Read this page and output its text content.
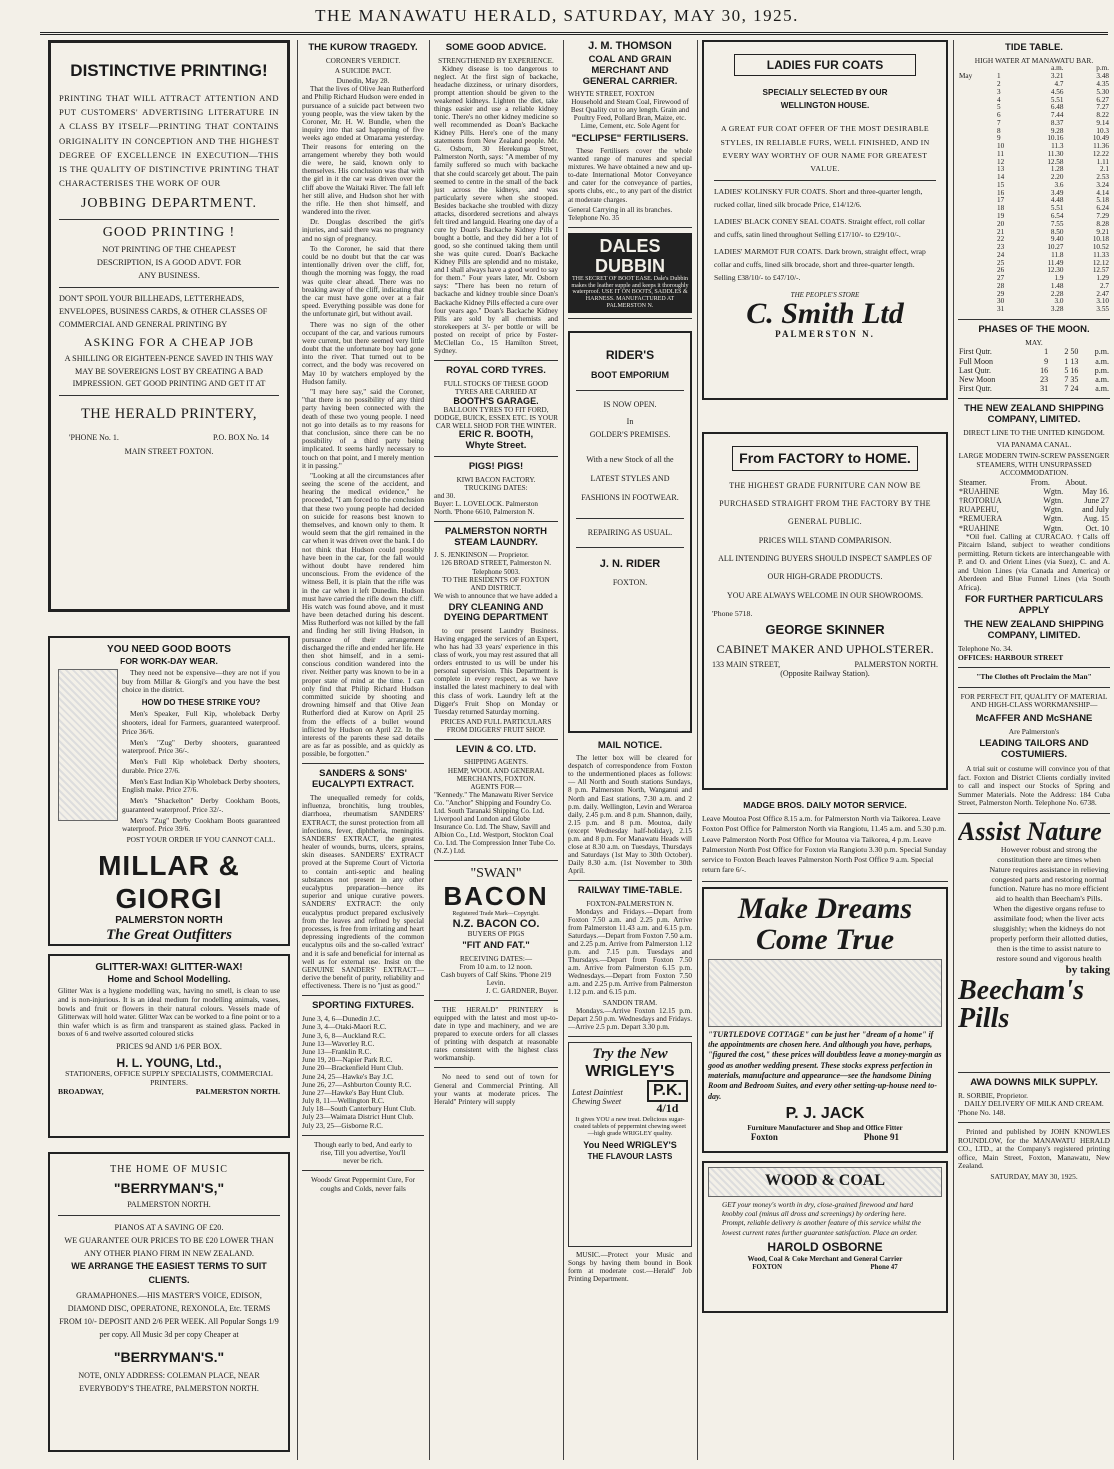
THE MANAWATU HERALD, SATURDAY, MAY 30, 1925.
DISTINCTIVE PRINTING!
PRINTING THAT WILL ATTRACT ATTENTION AND PUT CUSTOMERS' ADVERTISING LITERATURE IN A CLASS BY ITSELF—PRINTING THAT CONTAINS ORIGINALITY IN CONCEPTION AND THE HIGHEST DEGREE OF EXCELLENCE IN EXECUTION—THIS IS THE QUALITY OF DISTINCTIVE PRINTING THAT CHARACTERISES THE WORK OF OUR
JOBBING DEPARTMENT.
GOOD PRINTING !
NOT PRINTING OF THE CHEAPEST DESCRIPTION, IS A GOOD ADVT. FOR ANY BUSINESS.
DON'T SPOIL YOUR BILLHEADS, LETTERHEADS, ENVELOPES, BUSINESS CARDS, & OTHER CLASSES OF COMMERCIAL AND GENERAL PRINTING BY
ASKING FOR A CHEAP JOB
A SHILLING OR EIGHTEEN-PENCE SAVED IN THIS WAY MAY BE SOVEREIGNS LOST BY CREATING A BAD IMPRESSION. GET GOOD PRINTING AND GET IT AT
THE HERALD PRINTERY,
'PHONE No. 1.	P.O. BOX No. 14
MAIN STREET FOXTON.
YOU NEED GOOD BOOTS
FOR WORK-DAY WEAR.

They need not be expensive—they are not if you buy from Millar & Giorgi's and you have the best choice in the district.

HOW DO THESE STRIKE YOU?

Men's Speaker, Full Kip, wholeback Derby shooters, ideal for Farmers, guaranteed waterproof. Price 36/6.

Men's "Zug" Derby shooters, guaranteed waterproof. Price 36/-.

Men's Full Kip wholeback Derby shooters, durable. Price 27/6.

Men's East Indian Kip Wholeback Derby shooters, English make. Price 27/6.

Men's "Shackelton" Derby Cookham Boots, guaranteed waterproof. Price 32/-.

Men's "Zug" Derby Cookham Boots guaranteed waterproof. Price 39/6.

POST YOUR ORDER IF YOU CANNOT CALL.
MILLAR & GIORGI
PALMERSTON NORTH
The Great Outfitters
GLITTER-WAX! GLITTER-WAX!
Home and School Modelling.
Glitter Wax is a hygiene modelling wax, having no smell, is clean to use and is non-injurious. It is an ideal medium for modelling animals, vases, bowls and fruit or flowers in their natural colours. Vessels made of Glitterwax will hold water. Glitter Wax can be worked to a fine point or to a thin wafer which is as firm and transparent as stained glass. Packed in boxes of 6 and twelve assorted coloured sticks
PRICES 9d AND 1/6 PER BOX.
H. L. YOUNG, Ltd.,
STATIONERS, OFFICE SUPPLY SPECIALISTS, COMMERCIAL PRINTERS.
BROADWAY,	PALMERSTON NORTH.
THE HOME OF MUSIC
"BERRYMAN'S,"
PALMERSTON NORTH.
PIANOS AT A SAVING OF £20.
WE GUARANTEE OUR PRICES TO BE £20 LOWER THAN ANY OTHER PIANO FIRM IN NEW ZEALAND.
WE ARRANGE THE EASIEST TERMS TO SUIT CLIENTS.
GRAMAPHONES.—HIS MASTER'S VOICE, EDISON, DIAMOND DISC, OPERATONE, REXONOLA, Etc. TERMS FROM 10/- DEPOSIT AND 2/6 PER WEEK. All Popular Songs 1/9 per copy. All Music 3d per copy Cheaper at
"BERRYMAN'S."
NOTE, ONLY ADDRESS: COLEMAN PLACE, NEAR EVERYBODY'S THEATRE, PALMERSTON NORTH.
THE KUROW TRAGEDY.
CORONER'S VERDICT.
A SUICIDE PACT.
Dunedin, May 28.

That the lives of Olive Jean Rutherford and Philip Richard Hudson were ended in pursuance of a suicide pact between two young people, was the view taken by the Coroner, Mr. H. W. Bundle, when the inquiry into that sad happening of five weeks ago ended at Omarama yesterday. Their reasons for entering on the arrangement whereby they both would die were, he said, known only to themselves. His conclusion was that with the girl in it the car was driven over the cliff above the Waitaki River. The fall left her still alive, and Hudson shot her with the rifle. He then shot himself, and wandered into the river.

Dr. Douglas described the girl's injuries, and said there was no pregnancy and no sign of pregnancy.

To the Coroner, he said that there could be no doubt but that the car was intentionally driven over the cliff, for, though the morning was foggy, the road was quite clear ahead. There was no breaking away of the cliff, indicating that the car must have gone over at a fair speed. Everything possible was done for the unfortunate girl, but without avail.

There was no sign of the other occupant of the car, and various rumours were current, but there seemed very little doubt that the unfortunate boy had gone into the river. That turned out to be correct, and the body was recovered on May 10 by watchers employed by the Hudson family.

"I may here say," said the Coroner, "that there is no possibility of any third party having been connected with the death of these two young people. I need not go into details as to my reasons for that conclusion, since there can be no possibility of a third party being implicated. It seems hardly necessary to touch on that point, and I merely mention it in passing."

"Looking at all the circumstances after seeing the scene of the accident, and hearing the medical evidence," he proceeded, "I am forced to the conclusion that these two young people had decided on suicide for reasons best known to themselves, and known only to them. It would seem that the girl remained in the car when it was driven over the bank. I do not think that Hudson could possibly have been in the car, for the fall would without doubt have rendered him unconscious. From the evidence of the witness Bell, it is plain that the rifle was in the car when it left Dunedin. Hudson must have carried the rifle down the cliff. His watch was found above, and it must have been detached during his descent. Miss Rutherford was not killed by the fall and finding her still living Hudson, in pursuance of their arrangement discharged the rifle and ended her life. He then shot himself, and in a semi-conscious condition wandered into the river. Neither party was known to be in a proper state of mind at the time. I can only find that Philip Richard Hudson committed suicide by shooting and drowning himself and that Olive Jean Rutherford died at Kurow on April 25 from the effects of a bullet wound inflicted by Hudson on April 22. In the interests of the parents these sad details are as far as possible, and as quickly as possible, be forgotten."

SANDERS & SONS' EUCALYPTI EXTRACT.

The unequalled remedy for colds, influenza, bronchitis, lung troubles, diarrhoea, rheumatism SANDERS' EXTRACT, the surest protection from all infections, fever, diphtheria, meningitis. SANDERS' EXTRACT, the greatest healer of wounds, burns, ulcers, sprains, skin diseases. SANDERS' EXTRACT proved at the Supreme Court of Victoria to contain anti-septic and healing substances not present in any other eucalyptus preparation—hence its superior and unique curative powers. SANDERS' EXTRACT: the only eucalyptus product prepared exclusively from the leaves and refined by special processes, is free from irritating and heart depressing ingredients of the common eucalyptus oils and the so-called 'extract' and it is safe and beneficial for internal as well as for external use. Insist on the GENUINE SANDERS' EXTRACT—derive the benefit of purity, reliability and effectiveness. There is no "just as good."

SPORTING FIXTURES.
June 3, 4, 6—Dunedin J.C.
June 3, 4—Otaki-Maori R.C.
June 3, 6, 8—Auckland R.C.
June 13—Waverley R.C.
June 13—Franklin R.C.
June 19, 20—Napier Park R.C.
June 20—Brackenfield Hunt Club.
June 24, 25—Hawke's Bay J.C.
June 26, 27—Ashburton County R.C.
June 27—Hawke's Bay Hunt Club.
July 8, 11—Wellington R.C.
July 18—South Canterbury Hunt Club.
July 23—Waimata District Hunt Club.
July 23, 25—Gisborne R.C.
Though early to bed, And early to rise, Till you advertise, You'll never be rich.
Woods' Great Peppermint Cure, For coughs and Colds, never fails
SOME GOOD ADVICE.
STRENGTHENED BY EXPERIENCE.

Kidney disease is too dangerous to neglect. At the first sign of backache, headache dizziness, or urinary disorders, prompt attention should be given to the weakened kidneys. Lighten the diet, take things easier and use a reliable kidney tonic. There's no other kidney medicine so well recommended as Doan's Backache Kidney Pills. Here's one of the many statements from New Zealand people. Mr. G. Osborn, 30 Herekunga Street, Palmerston North, says: "A member of my family suffered so much with backache that she could scarcely get about. The pain seemed to centre in the small of the back just across the kidneys, and was particularly severe when she stooped. Besides backache she troubled with dizzy attacks, disordered secretions and always felt tired and languid. Hearing one day of a cure by Doan's Backache Kidney Pills I bought a bottle, and they did her a lot of good, so she continued taking them until she was quite cured. Doan's Backache Kidney Pills are splendid and no mistake, and I shall always have a good word to say for them." Four years later, Mr. Osborn says: "There has been no return of backache and kidney trouble since Doan's Backache Kidney Pills effected a cure over four years ago." Doan's Backache Kidney Pills are sold by all chemists and storekeepers at 3/- per bottle or will be posted on receipt of price by Foster-McClellan Co., 15 Hamilton Street, Sydney.

ROYAL CORD TYRES.
FULL STOCKS OF THESE GOOD TYRES ARE CARRIED AT
BOOTH'S GARAGE.
BALLOON TYRES TO FIT FORD, DODGE, BUICK, ESSEX ETC. IS YOUR CAR WELL SHOD FOR THE WINTER.
ERIC R. BOOTH,
Whyte Street.
PIGS! PIGS!
KIWI BACON FACTORY.
TRUCKING DATES:
and 30.
Buyer: L. LOVELOCK. Palmerston North. 'Phone 6610, Palmerston N.
PALMERSTON NORTH STEAM LAUNDRY.
J. S. JENKINSON — Proprietor.
126 BROAD STREET, Palmerston N. Telephone 5003.
TO THE RESIDENTS OF FOXTON AND DISTRICT.
We wish to announce that we have added a
DRY CLEANING AND DYEING DEPARTMENT

to our present Laundry Business. Having engaged the services of an Expert, who has had 33 years' experience in this class of work, you may rest assured that all orders entrusted to us will be under his personal supervision. This Department is complete in every respect, as we have installed the latest machinery to deal with this class of work. Laundry left at the Digger's Fruit Shop on Monday or Tuesday returned Saturday morning.

PRICES AND FULL PARTICULARS FROM DIGGERS' FRUIT SHOP.
LEVIN & CO. LTD.
SHIPPING AGENTS.
HEMP, WOOL AND GENERAL MERCHANTS, FOXTON.
AGENTS FOR—
"Kennedy." The Manawatu River Service Co. "Anchor" Shipping and Foundry Co. Ltd. South Taranaki Shipping Co. Ltd. Liverpool and London and Globe Insurance Co. Ltd. The Shaw, Savill and Albion Co., Ltd. Westport, Stockton Coal Co. Ltd. The Compression Inner Tube Co. (N.Z.) Ltd.
"SWAN"
BACON
Registered Trade Mark—Copyright.
N.Z. BACON CO.
BUYERS OF PIGS
"FIT AND FAT."
RECEIVING DATES:—
From 10 a.m. to 12 noon.
Cash buyers of Calf Skins. 'Phone 219 Levin.
J. C. GARDNER, Buyer.

THE HERALD" PRINTERY is equipped with the latest and most up-to-date in type and machinery, and we are prepared to execute orders for all classes of printing with despatch at reasonable rates consistent with the highest class workmanship.

No need to send out of town for General and Commercial Printing. All your wants at moderate prices. The Herald" Printery will supply

J. M. THOMSON
COAL AND GRAIN MERCHANT AND GENERAL CARRIER.
WHYTE STREET, FOXTON
Household and Steam Coal, Firewood of Best Quality cut to any length. Grain and Poultry Feed, Pollard Bran, Maize, etc. Lime, Cement, etc. Sole Agent for
"ECLIPSE" FERTILISERS.

These Fertilisers cover the whole wanted range of manures and special mixtures. We have obtained a new and up-to-date International Motor Conveyance and cater for the conveyance of parties, sports clubs, etc., to any part of the district at moderate charges.

General Carrying in all its branches. Telephone No. 35
DALES DUBBIN
THE SECRET OF BOOT EASE. Dale's Dubbin makes the leather supple and keeps it thoroughly waterproof. USE IT ON BOOTS, SADDLES & HARNESS. MANUFACTURED AT PALMERSTON N.
RIDER'S
BOOT EMPORIUM
IS NOW OPEN.
In
GOLDER'S PREMISES.
With a new Stock of all the LATEST STYLES AND FASHIONS IN FOOTWEAR.
REPAIRING AS USUAL.
J. N. RIDER
FOXTON.
MAIL NOTICE.

The letter box will be cleared for despatch of correspondence from Foxton to the undermentioned places as follows:— All North and South stations Sundays, 8 p.m. Palmerston North, Wanganui and North and East stations, 7.30 a.m. and 2 p.m. daily. Wellington, Levin and Weraroa daily, 2.45 p.m. and 8 p.m. Shannon, daily, 2.15 p.m. and 8 p.m. Moutoa, daily (except Wednesday half-holiday), 2.15 p.m. and 8 p.m. For Manawatu Heads will close at 8.30 a.m. on Tuesdays, Thursdays and Saturdays (1st May to 30th October). Daily 8.30 a.m. (1st November to 30th April.

RAILWAY TIME-TABLE.
FOXTON-PALMERSTON N.

Mondays and Fridays.—Depart from Foxton 7.50 a.m. and 2.25 p.m. Arrive from Palmerston 11.43 a.m. and 6.15 p.m. Saturdays.—Depart from Foxton 7.50 a.m. and 2.25 p.m. Arrive from Palmerston 1.12 p.m. and 7.15 p.m. Tuesdays and Thursdays.—Depart from Foxton 7.50 a.m. Arrive from Palmerston 6.15 p.m. Wednesdays.—Depart from Foxton 7.50 a.m. and 2.25 p.m. Arrive from Palmerston 1.12 p.m. and 6.15 p.m.

SANDON TRAM.

Mondays.—Arrive Foxton 12.15 p.m. Depart 2.50 p.m. Wednesdays and Fridays.—Arrive 2.5 p.m. Depart 3.30 p.m.

Try the New
WRIGLEY'S
Latest Daintiest Chewing Sweet
P.K.
4/1d
It gives YOU a new treat. Delicious sugar-coated tablets of peppermint chewing sweet—high grade WRIGLEY quality.
You Need WRIGLEY'S
THE FLAVOUR LASTS

MUSIC.—Protect your Music and Songs by having them bound in Book form at moderate cost.—Herald" Job Printing Department.

LADIES FUR COATS
SPECIALLY SELECTED BY OUR WELLINGTON HOUSE.
A GREAT FUR COAT OFFER OF THE MOST DESIRABLE STYLES, IN RELIABLE FURS, WELL FINISHED, AND IN EVERY WAY WORTHY OF OUR NAME FOR GREATEST VALUE.
LADIES' KOLINSKY FUR COATS. Short and three-quarter length, rucked collar, lined silk brocade Price, £14/12/6.
LADIES' BLACK CONEY SEAL COATS. Straight effect, roll collar and cuffs, satin lined throughout Selling £17/10/- to £29/10/-.
LADIES' MARMOT FUR COATS. Dark brown, straight effect, wrap collar and cuffs, lined silk brocade, short and three-quarter length. Selling £38/10/- to £47/10/-.
THE PEOPLE'S STORE
C. Smith Ltd
PALMERSTON N.
From FACTORY to HOME.
THE HIGHEST GRADE FURNITURE CAN NOW BE PURCHASED STRAIGHT FROM THE FACTORY BY THE GENERAL PUBLIC.
PRICES WILL STAND COMPARISON.
ALL INTENDING BUYERS SHOULD INSPECT SAMPLES OF OUR HIGH-GRADE PRODUCTS.
YOU ARE ALWAYS WELCOME IN OUR SHOWROOMS.
'Phone 5718.
GEORGE SKINNER
CABINET MAKER AND UPHOLSTERER.
133 MAIN STREET,	PALMERSTON NORTH.
(Opposite Railway Station).
MADGE BROS. DAILY MOTOR SERVICE.
Leave Moutoa Post Office 8.15 a.m. for Palmerston North via Taikorea. Leave Foxton Post Office for Palmerston North via Rangiotu, 11.45 a.m. and 5.30 p.m. Leave Palmerston North Post Office for Moutoa via Taikorea, 4 p.m. Leave Palmerston North Post Office for Foxton via Rangiotu 3.30 p.m. Special Sunday service to Foxton Beach leaves Palmerston North Post Office 9 a.m. Special return fare 6/-.
Make Dreams Come True
"TURTLEDOVE COTTAGE" can be just her "dream of a home" if the appointments are chosen here. And although you have, perhaps, "figured the cost," these prices will doubtless leave a money-margin as good as another wedding present. These stocks express perfection in materials, manufacture and appearance—see the handsome Dining Room and Bedroom Suites, and every other setting-up-house need to-day.
P. J. JACK
Furniture Manufacturer and Shop and Office Fitter
Foxton	Phone 91
WOOD & COAL
GET your money's worth in dry, close-grained firewood and hard knobby coal (minus all dross and screenings) by ordering here. Prompt, reliable delivery is another feature of this service whilst the lowest current rates further guarantee satisfaction. Place an order.
HAROLD OSBORNE
Wood, Coal & Coke Merchant and General Carrier
FOXTON	Phone 47
TIDE TABLE.
HIGH WATER AT MANAWATU BAR.
		a.m.	p.m.
May	1	3.21	3.48
	2	4.7	4.35
	3	4.56	5.30
	4	5.51	6.27
	5	6.48	7.27
	6	7.44	8.22
	7	8.37	9.14
	8	9.28	10.3
	9	10.16	10.49
	10	11.3	11.36
	11	11.30	12.22
	12	12.58	1.11
	13	1.28	2.1
	14	2.20	2.53
	15	3.6	3.24
	16	3.49	4.14
	17	4.48	5.18
	18	5.51	6.24
	19	6.54	7.29
	20	7.55	8.28
	21	8.50	9.21
	22	9.40	10.18
	23	10.27	10.52
	24	11.8	11.33
	25	11.49	12.12
	26	12.30	12.57
	27	1.9	1.29
	28	1.48	2.7
	29	2.28	2.47
	30	3.0	3.10
	31	3.28	3.55
PHASES OF THE MOON.
MAY.
First Qutr.	1	2 50	p.m.
Full Moon	9	1 13	a.m.
Last Qutr.	16	5 16	p.m.
New Moon	23	7 35	a.m.
First Qutr.	31	7 24	a.m.
THE NEW ZEALAND SHIPPING COMPANY, LIMITED.
DIRECT LINE TO THE UNITED KINGDOM.
VIA PANAMA CANAL.
LARGE MODERN TWIN-SCREW PASSENGER STEAMERS, WITH UNSURPASSED ACCOMMODATION.
Steamer.	From.	About.
*RUAHINE	Wgtn.	May 16.
†ROTORUA	Wgtn.	June 27
RUAPEHU,	Wgtn.	and July
*REMUERA	Wgtn.	Aug. 15
*RUAHINE	Wgtn.	Oct. 10

*Oil fuel. Calling at CURACAO. †Calls off Pitcairn Island, subject to weather conditions permitting. Return tickets are interchangeable with P. and O. and Orient Lines (via Suez), C. and A. and Union Lines (via Canada and America) or Aberdeen and Blue Funnel Lines (via South Africa).

FOR FURTHER PARTICULARS APPLY
THE NEW ZEALAND SHIPPING COMPANY, LIMITED.
Telephone No. 34.
OFFICES: HARBOUR STREET
"The Clothes oft Proclaim the Man"
FOR PERFECT FIT, QUALITY OF MATERIAL AND HIGH-CLASS WORKMANSHIP—
McAFFER AND McSHANE
Are Palmerston's
LEADING TAILORS AND COSTUMIERS.

A trial suit or costume will convince you of that fact. Foxton and District Clients cordially invited to call and inspect our Stocks of Spring and Summer Materials. Note the Address: 184 Cuba Street, Palmerston North. Telephone No. 6738.

Assist Nature
However robust and strong the constitution there are times when Nature requires assistance in relieving congested parts and restoring normal function. Nature has no more efficient aid to health than Beecham's Pills. When the digestive organs refuse to assimilate food; when the liver acts sluggishly; when the kidneys do not properly perform their allotted duties, then is the time to assist nature to restore sound and vigorous health
by taking
Beecham's Pills
AWA DOWNS MILK SUPPLY.
R. SORBIE, Proprietor.
DAILY DELIVERY OF MILK AND CREAM.
'Phone No. 148.

Printed and published by JOHN KNOWLES ROUNDLOW, for the MANAWATU HERALD CO., LTD., at the Company's registered printing office, Main Street, Foxton, Manawatu, New Zealand.

SATURDAY, MAY 30, 1925.
